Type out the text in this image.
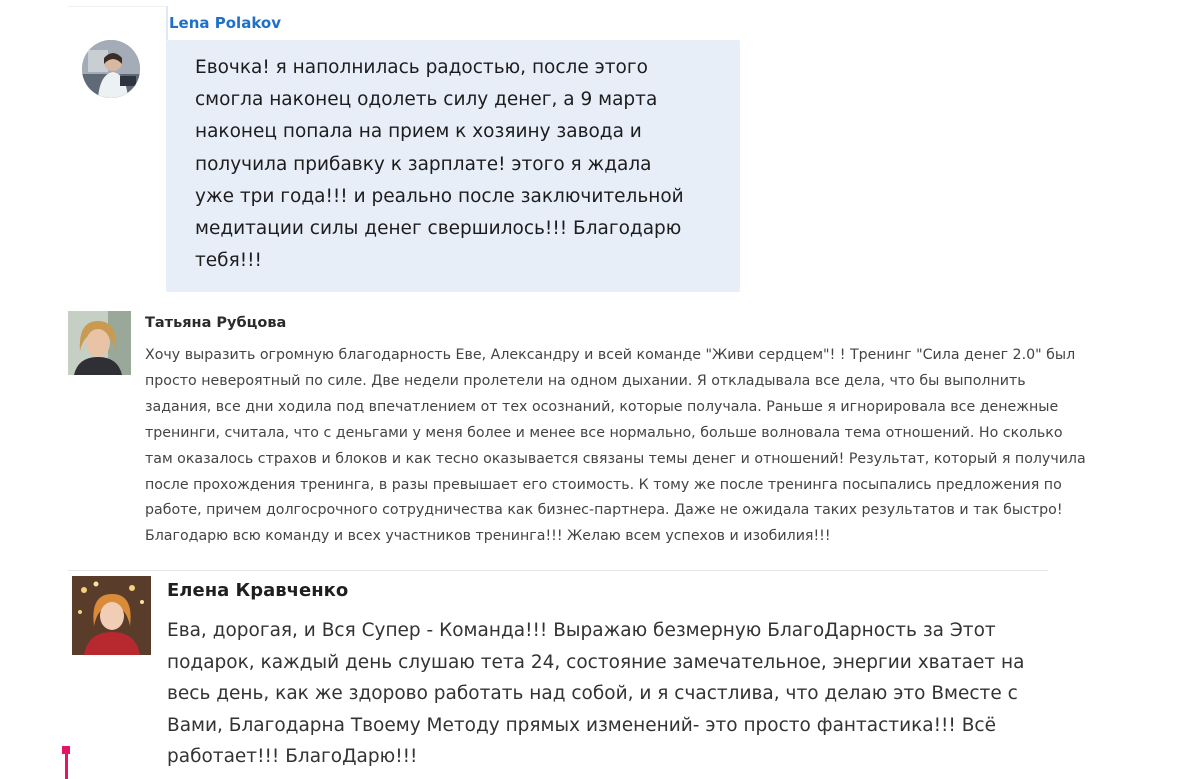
Lena Polakov

Евочка! я наполнилась радостью, после этого
смогла наконец одолеть силу денег, а 9 марта
наконец попала на прием к хозяину завода и
получила прибавку к зарплате! этого я ждала
уже три года!!! и реально после заключительной
медитации силы денег свершилось!!! Благодарю
тебя!!!

Татьяна Рубцова

Хочу выразить огромную благодарность Еве, Александру и всей команде "Живи сердцем"! ! Тренинг "Сила денег 2.0" был
просто невероятный по силе. Две недели пролетели на одном дыхании. Я откладывала все дела, что бы выполнить
задания, все дни ходила под впечатлением от тех осознаний, которые получала. Раньше я игнорировала все денежные
тренинги, считала, что с деньгами у меня более и менее все нормально, больше волновала тема отношений. Но сколько
там оказалось страхов и блоков и как тесно оказывается связаны темы денег и отношений! Результат, который я получила
после прохождения тренинга, в разы превышает его стоимость. К тому же после тренинга посыпались предложения по
работе, причем долгосрочного сотрудничества как бизнес-партнера. Даже не ожидала таких результатов и так быстро!
Благодарю всю команду и всех участников тренинга!!! Желаю всем успехов и изобилия!!!

Елена Кравченко

Ева, дорогая, и Вся Супер - Команда!!! Выражаю безмерную БлагоДарность за Этот
подарок, каждый день слушаю тета 24, состояние замечательное, энергии хватает на
весь день, как же здорово работать над собой, и я счастлива, что делаю это Вместе с
Вами, Благодарна Твоему Методу прямых изменений- это просто фантастика!!! Всё
работает!!! БлагоДарю!!!
